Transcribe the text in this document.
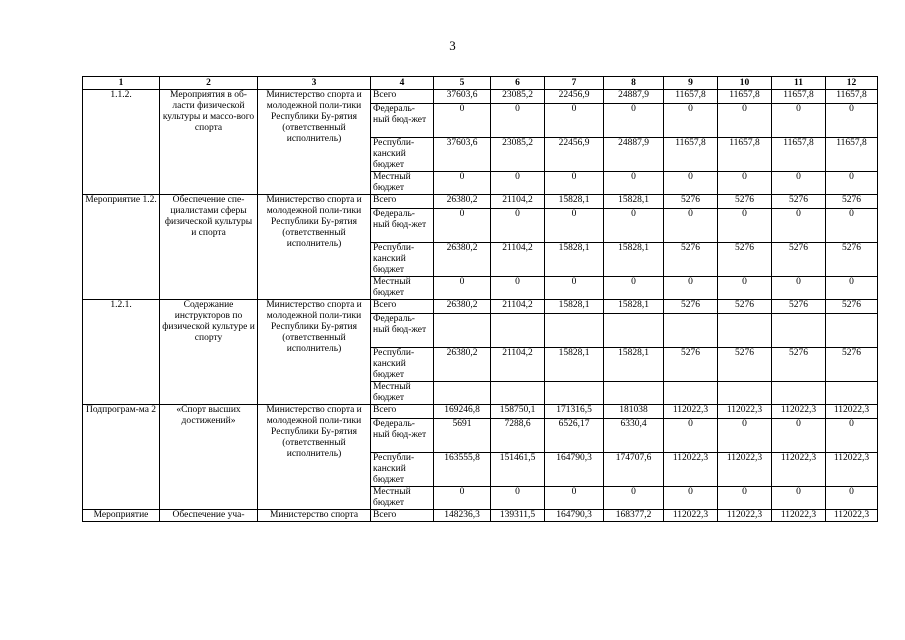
3
1	2	3	4	5	6	7	8	9	10	11	12
1.1.2.	Мероприятия в об-ласти физической культуры и массо-вого спорта	Министерство спорта и молодежной поли-тики Республики Бу-рятия (ответственный исполнитель)	Всего	37603,6	23085,2	22456,9	24887,9	11657,8	11657,8	11657,8	11657,8
			Федераль-ный бюд-жет	0	0	0	0	0	0	0	0
			Республи-канский бюджет	37603,6	23085,2	22456,9	24887,9	11657,8	11657,8	11657,8	11657,8
			Местный бюджет	0	0	0	0	0	0	0	0
Мероприятие 1.2.	Обеспечение спе-циалистами сферы физической культуры и спорта	Министерство спорта и молодежной поли-тики Республики Бу-рятия (ответственный исполнитель)	Всего	26380,2	21104,2	15828,1	15828,1	5276	5276	5276	5276
			Федераль-ный бюд-жет	0	0	0	0	0	0	0	0
			Республи-канский бюджет	26380,2	21104,2	15828,1	15828,1	5276	5276	5276	5276
			Местный бюджет	0	0	0	0	0	0	0	0
1.2.1.	Содержание инструкторов по физической культуре и спорту	Министерство спорта и молодежной поли-тики Республики Бу-рятия (ответственный исполнитель)	Всего	26380,2	21104,2	15828,1	15828,1	5276	5276	5276	5276
			Федераль-ный бюд-жет								
			Республи-канский бюджет	26380,2	21104,2	15828,1	15828,1	5276	5276	5276	5276
			Местный бюджет								
Подпрограм-ма 2	«Спорт высших достижений»	Министерство спорта и молодежной поли-тики Республики Бу-рятия (ответственный исполнитель)	Всего	169246,8	158750,1	171316,5	181038	112022,3	112022,3	112022,3	112022,3
			Федераль-ный бюд-жет	5691	7288,6	6526,17	6330,4	0	0	0	0
			Республи-канский бюджет	163555,8	151461,5	164790,3	174707,6	112022,3	112022,3	112022,3	112022,3
			Местный бюджет	0	0	0	0	0	0	0	0
Мероприятие	Обеспечение уча-	Министерство спорта	Всего	148236,3	139311,5	164790,3	168377,2	112022,3	112022,3	112022,3	112022,3
